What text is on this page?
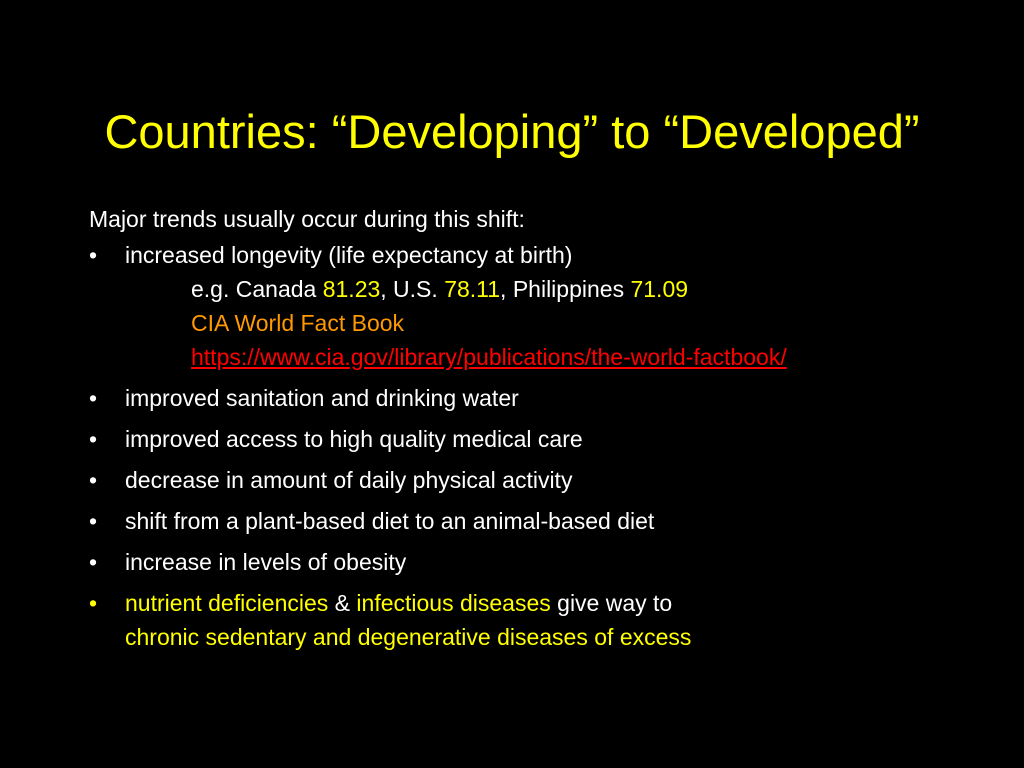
Countries: “Developing” to “Developed”
Major trends usually occur during this shift:
•	increased longevity (life expectancy at birth)
e.g. Canada 81.23, U.S. 78.11, Philippines 71.09
CIA World Fact Book
https://www.cia.gov/library/publications/the-world-factbook/
•	improved sanitation and drinking water
•	improved access to high quality medical care
•	decrease in amount of daily physical activity
•	shift from a plant-based diet to an animal-based diet
•	increase in levels of obesity
•	nutrient deficiencies & infectious diseases give way to
chronic sedentary and degenerative diseases of excess
